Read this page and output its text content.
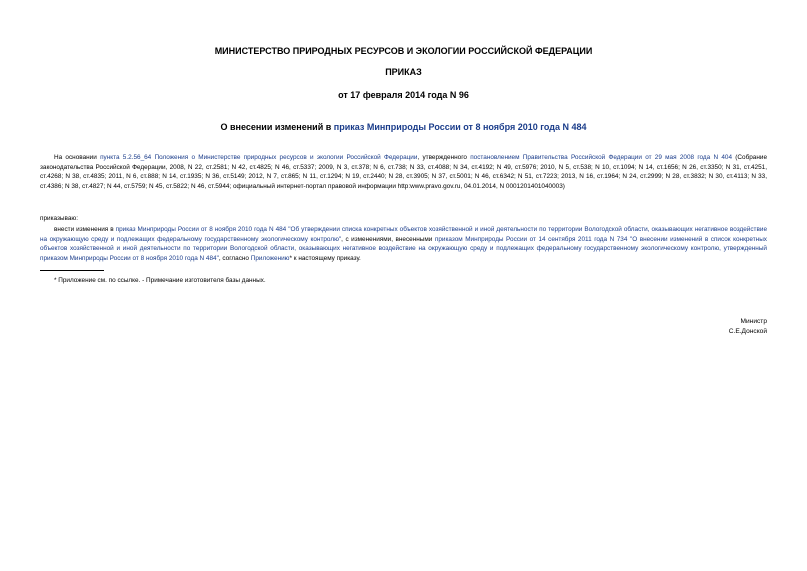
МИНИСТЕРСТВО ПРИРОДНЫХ РЕСУРСОВ И ЭКОЛОГИИ РОССИЙСКОЙ ФЕДЕРАЦИИ
ПРИКАЗ
от 17 февраля 2014 года N 96
О внесении изменений в приказ Минприроды России от 8 ноября 2010 года N 484
На основании пункта 5.2.56_64 Положения о Министерстве природных ресурсов и экологии Российской Федерации, утвержденного постановлением Правительства Российской Федерации от 29 мая 2008 года N 404 (Собрание законодательства Российской Федерации, 2008, N 22, ст.2581; N 42, ст.4825; N 46, ст.5337; 2009, N 3, ст.378; N 6, ст.738; N 33, ст.4088; N 34, ст.4192; N 49, ст.5976; 2010, N 5, ст.538; N 10, ст.1094; N 14, ст.1656; N 26, ст.3350; N 31, ст.4251, ст.4268; N 38, ст.4835; 2011, N 6, ст.888; N 14, ст.1935; N 36, ст.5149; 2012, N 7, ст.865; N 11, ст.1294; N 19, ст.2440; N 28, ст.3905; N 37, ст.5001; N 46, ст.6342; N 51, ст.7223; 2013, N 16, ст.1964; N 24, ст.2999; N 28, ст.3832; N 30, ст.4113; N 33, ст.4386; N 38, ст.4827; N 44, ст.5759; N 45, ст.5822; N 46, ст.5944; официальный интернет-портал правовой информации http:www.pravo.gov.ru, 04.01.2014, N 0001201401040003)
приказываю:
внести изменения в приказ Минприроды России от 8 ноября 2010 года N 484 "Об утверждении списка конкретных объектов хозяйственной и иной деятельности по территории Вологодской области, оказывающих негативное воздействие на окружающую среду и подлежащих федеральному государственному экологическому контролю", с изменениями, внесенными приказом Минприроды России от 14 сентября 2011 года N 734 "О внесении изменений в список конкретных объектов хозяйственной и иной деятельности по территории Вологодской области, оказывающих негативное воздействие на окружающую среду и подлежащих федеральному государственному экологическому контролю, утвержденный приказом Минприроды России от 8 ноября 2010 года N 484", согласно Приложению* к настоящему приказу.
* Приложение см. по ссылке. - Примечание изготовителя базы данных.
Министр
С.Е.Донской
